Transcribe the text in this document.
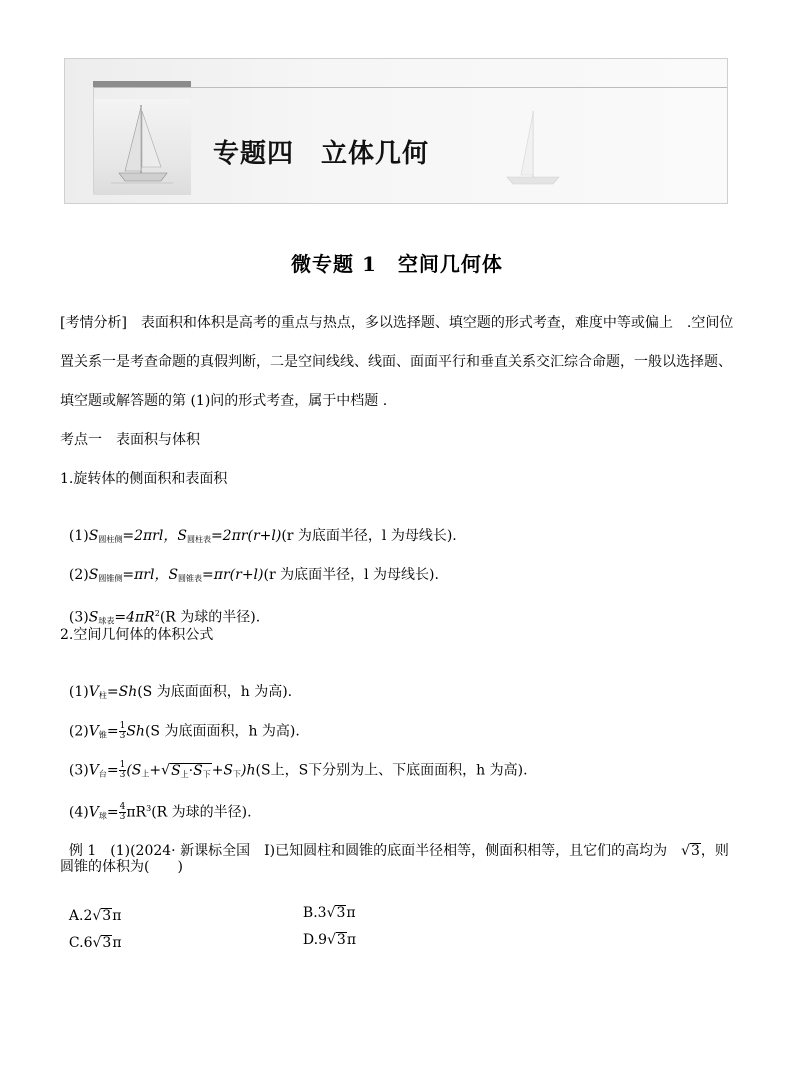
专题四　立体几何
微专题 1　空间几何体
[考情分析]　表面积和体积是高考的重点与热点，多以选择题、填空题的形式考查，难度中等或偏上　.空间位
置关系一是考查命题的真假判断，二是空间线线、线面、面面平行和垂直关系交汇综合命题，一般以选择题、
填空题或解答题的第 (1)问的形式考查，属于中档题 .
考点一　表面积与体积
1.旋转体的侧面积和表面积

$(1)S_{圆柱侧}=2\pi rl$，$S_{圆柱表}=2\pi r(r+l)(r$ 为底面半径，l 为母线长).

$(2)S_{圆锥侧}=\pi rl$，$S_{圆锥表}=\pi r(r+l)(r$ 为底面半径，l 为母线长).

$(3)S_{球表}=4\pi R^2(R$ 为球的半径).

2.空间几何体的体积公式

$(1)V_柱=Sh(S$ 为底面面积，h 为高).

$(2)V_锥= \frac{1}{3} Sh(S$ 为底面面积，h 为高).

$(3)V_台= \frac{1}{3} (S_上+√S_上\cdot S_下+S_下)h(S$上，S下分别为上、下底面面积，h 为高).

$(4)V_球= \frac{4}{3} \pi R^3(R$ 为球的半径).

例 1　(1)(2024· 新课标全国　Ⅰ)已知圆柱和圆锥的底面半径相等，侧面积相等，且它们的高均为　√3，则

圆锥的体积为(　　)

A.2√3π	B.3√3π

C.6√3π	D.9√3π
